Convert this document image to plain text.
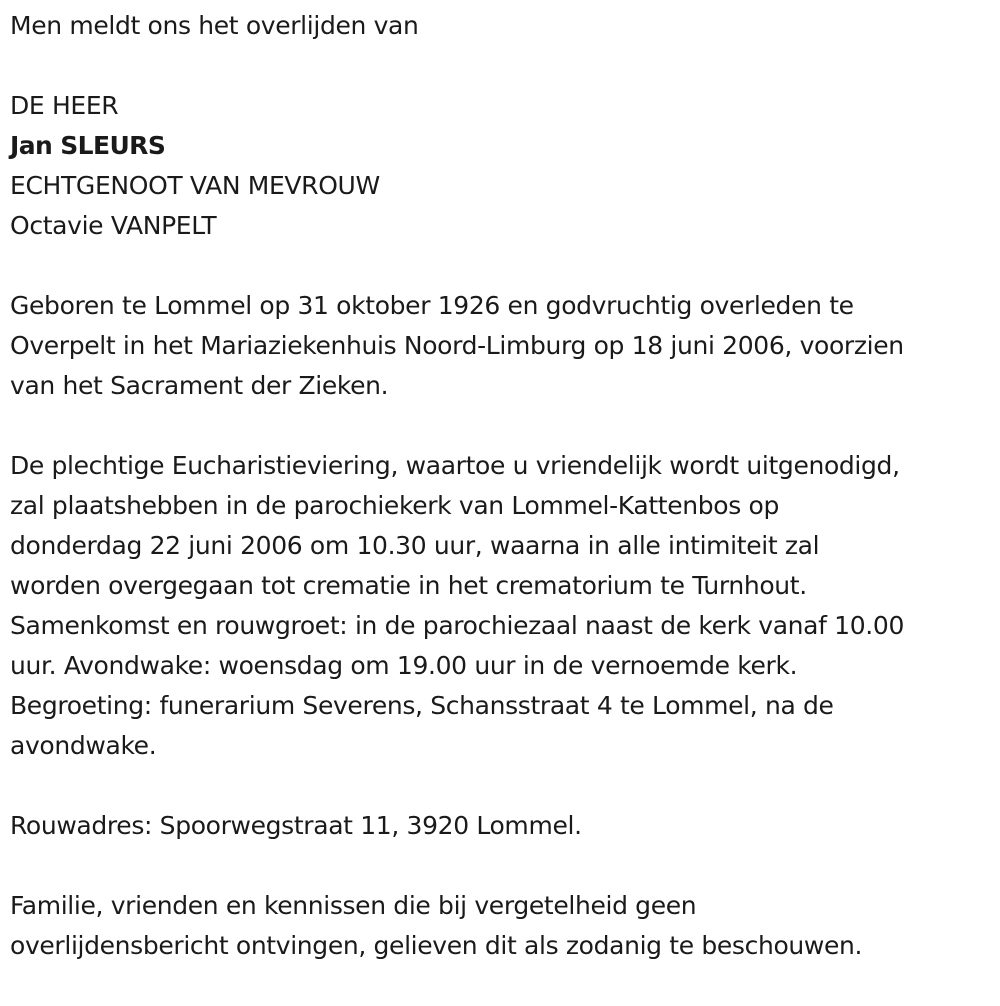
Men meldt ons het overlijden van
DE HEER
Jan SLEURS
ECHTGENOOT VAN MEVROUW
Octavie VANPELT
Geboren te Lommel op 31 oktober 1926 en godvruchtig overleden te
Overpelt in het Mariaziekenhuis Noord-Limburg op 18 juni 2006, voorzien
van het Sacrament der Zieken.
De plechtige Eucharistieviering, waartoe u vriendelijk wordt uitgenodigd,
zal plaatshebben in de parochiekerk van Lommel-Kattenbos op
donderdag 22 juni 2006 om 10.30 uur, waarna in alle intimiteit zal
worden overgegaan tot crematie in het crematorium te Turnhout.
Samenkomst en rouwgroet: in de parochiezaal naast de kerk vanaf 10.00
uur. Avondwake: woensdag om 19.00 uur in de vernoemde kerk.
Begroeting: funerarium Severens, Schansstraat 4 te Lommel, na de
avondwake.
Rouwadres: Spoorwegstraat 11, 3920 Lommel.
Familie, vrienden en kennissen die bij vergetelheid geen
overlijdensbericht ontvingen, gelieven dit als zodanig te beschouwen.
